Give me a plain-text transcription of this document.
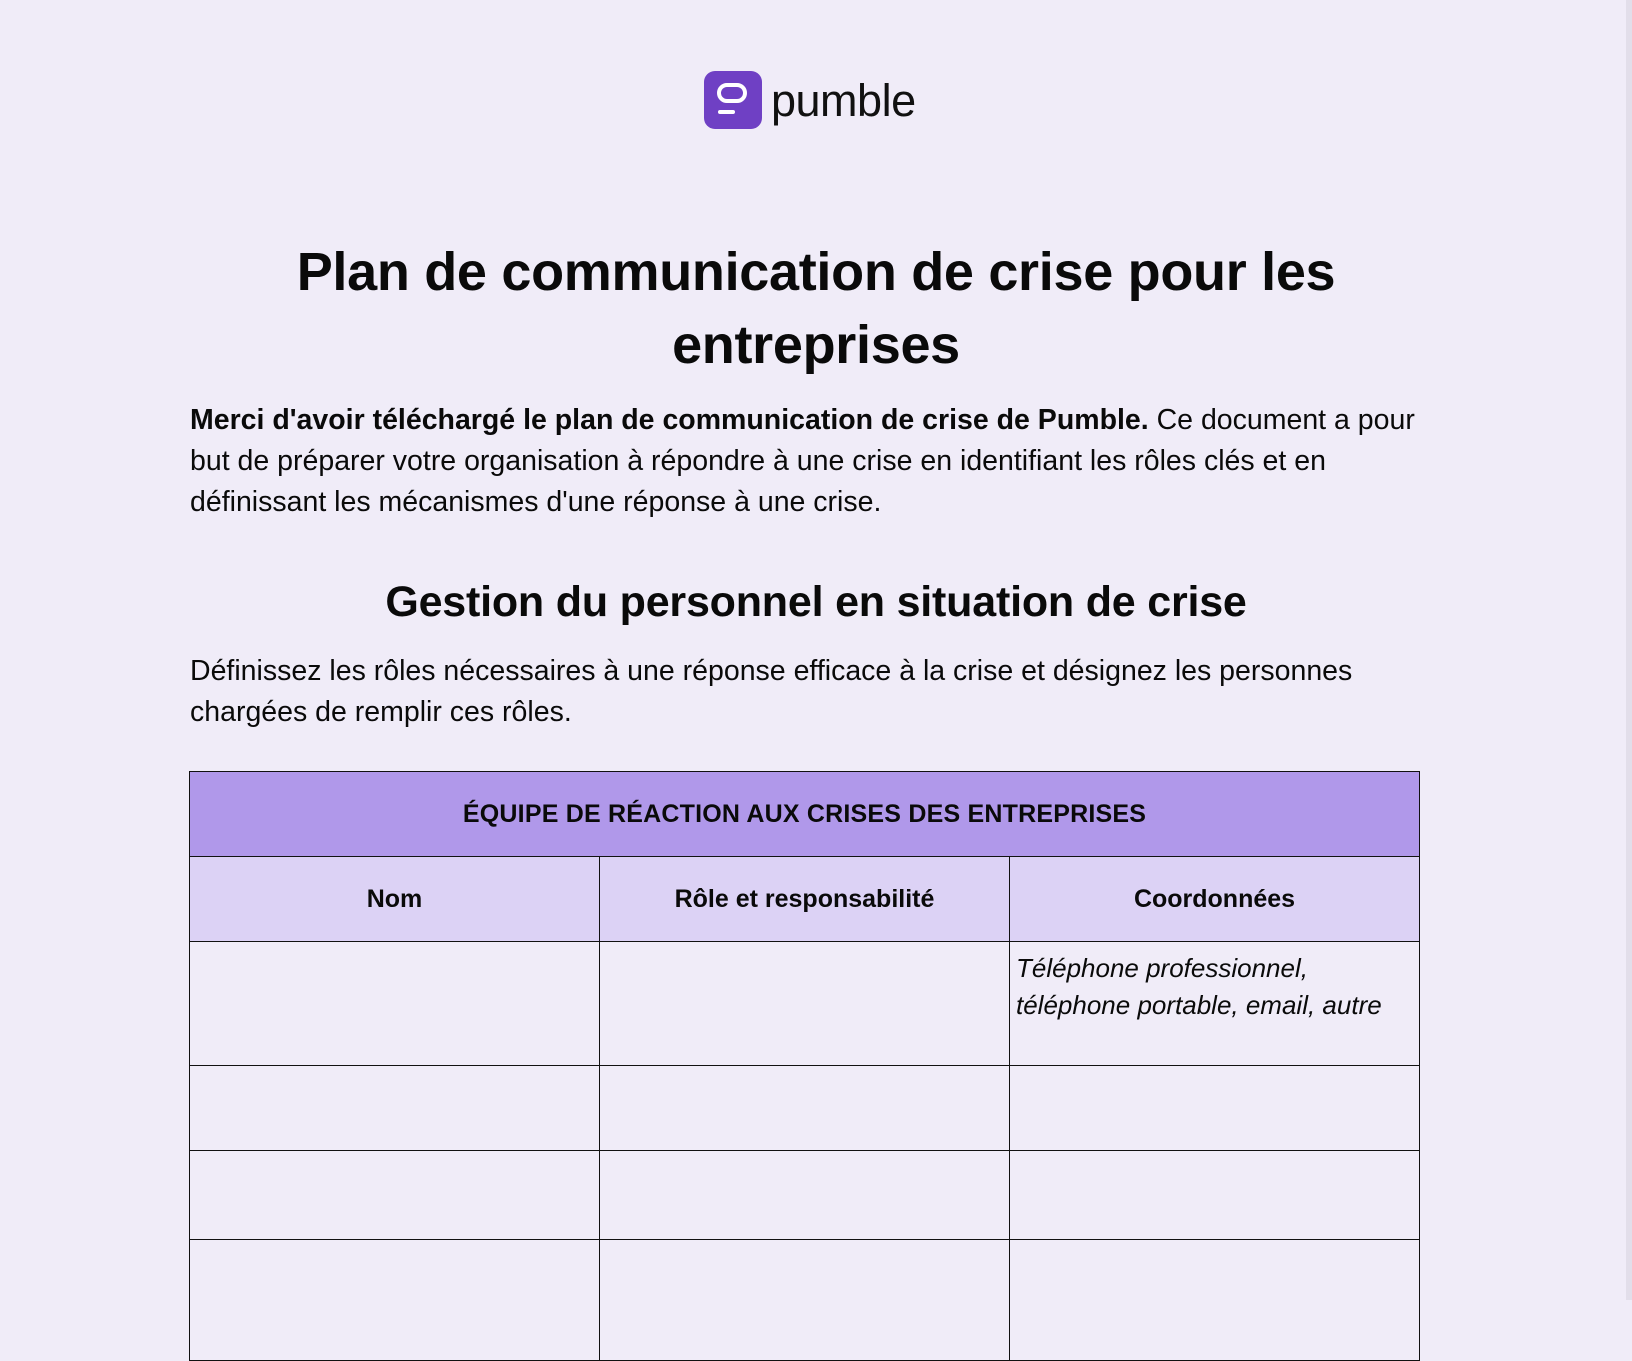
pumble
Plan de communication de crise pour les entreprises

Merci d'avoir téléchargé le plan de communication de crise de Pumble. Ce document a pour but de préparer votre organisation à répondre à une crise en identifiant les rôles clés et en définissant les mécanismes d'une réponse à une crise.

Gestion du personnel en situation de crise

Définissez les rôles nécessaires à une réponse efficace à la crise et désignez les personnes chargées de remplir ces rôles.

ÉQUIPE DE RÉACTION AUX CRISES DES ENTREPRISES		
Nom	Rôle et responsabilité	Coordonnées

		Téléphone professionnel, téléphone portable, email, autre
